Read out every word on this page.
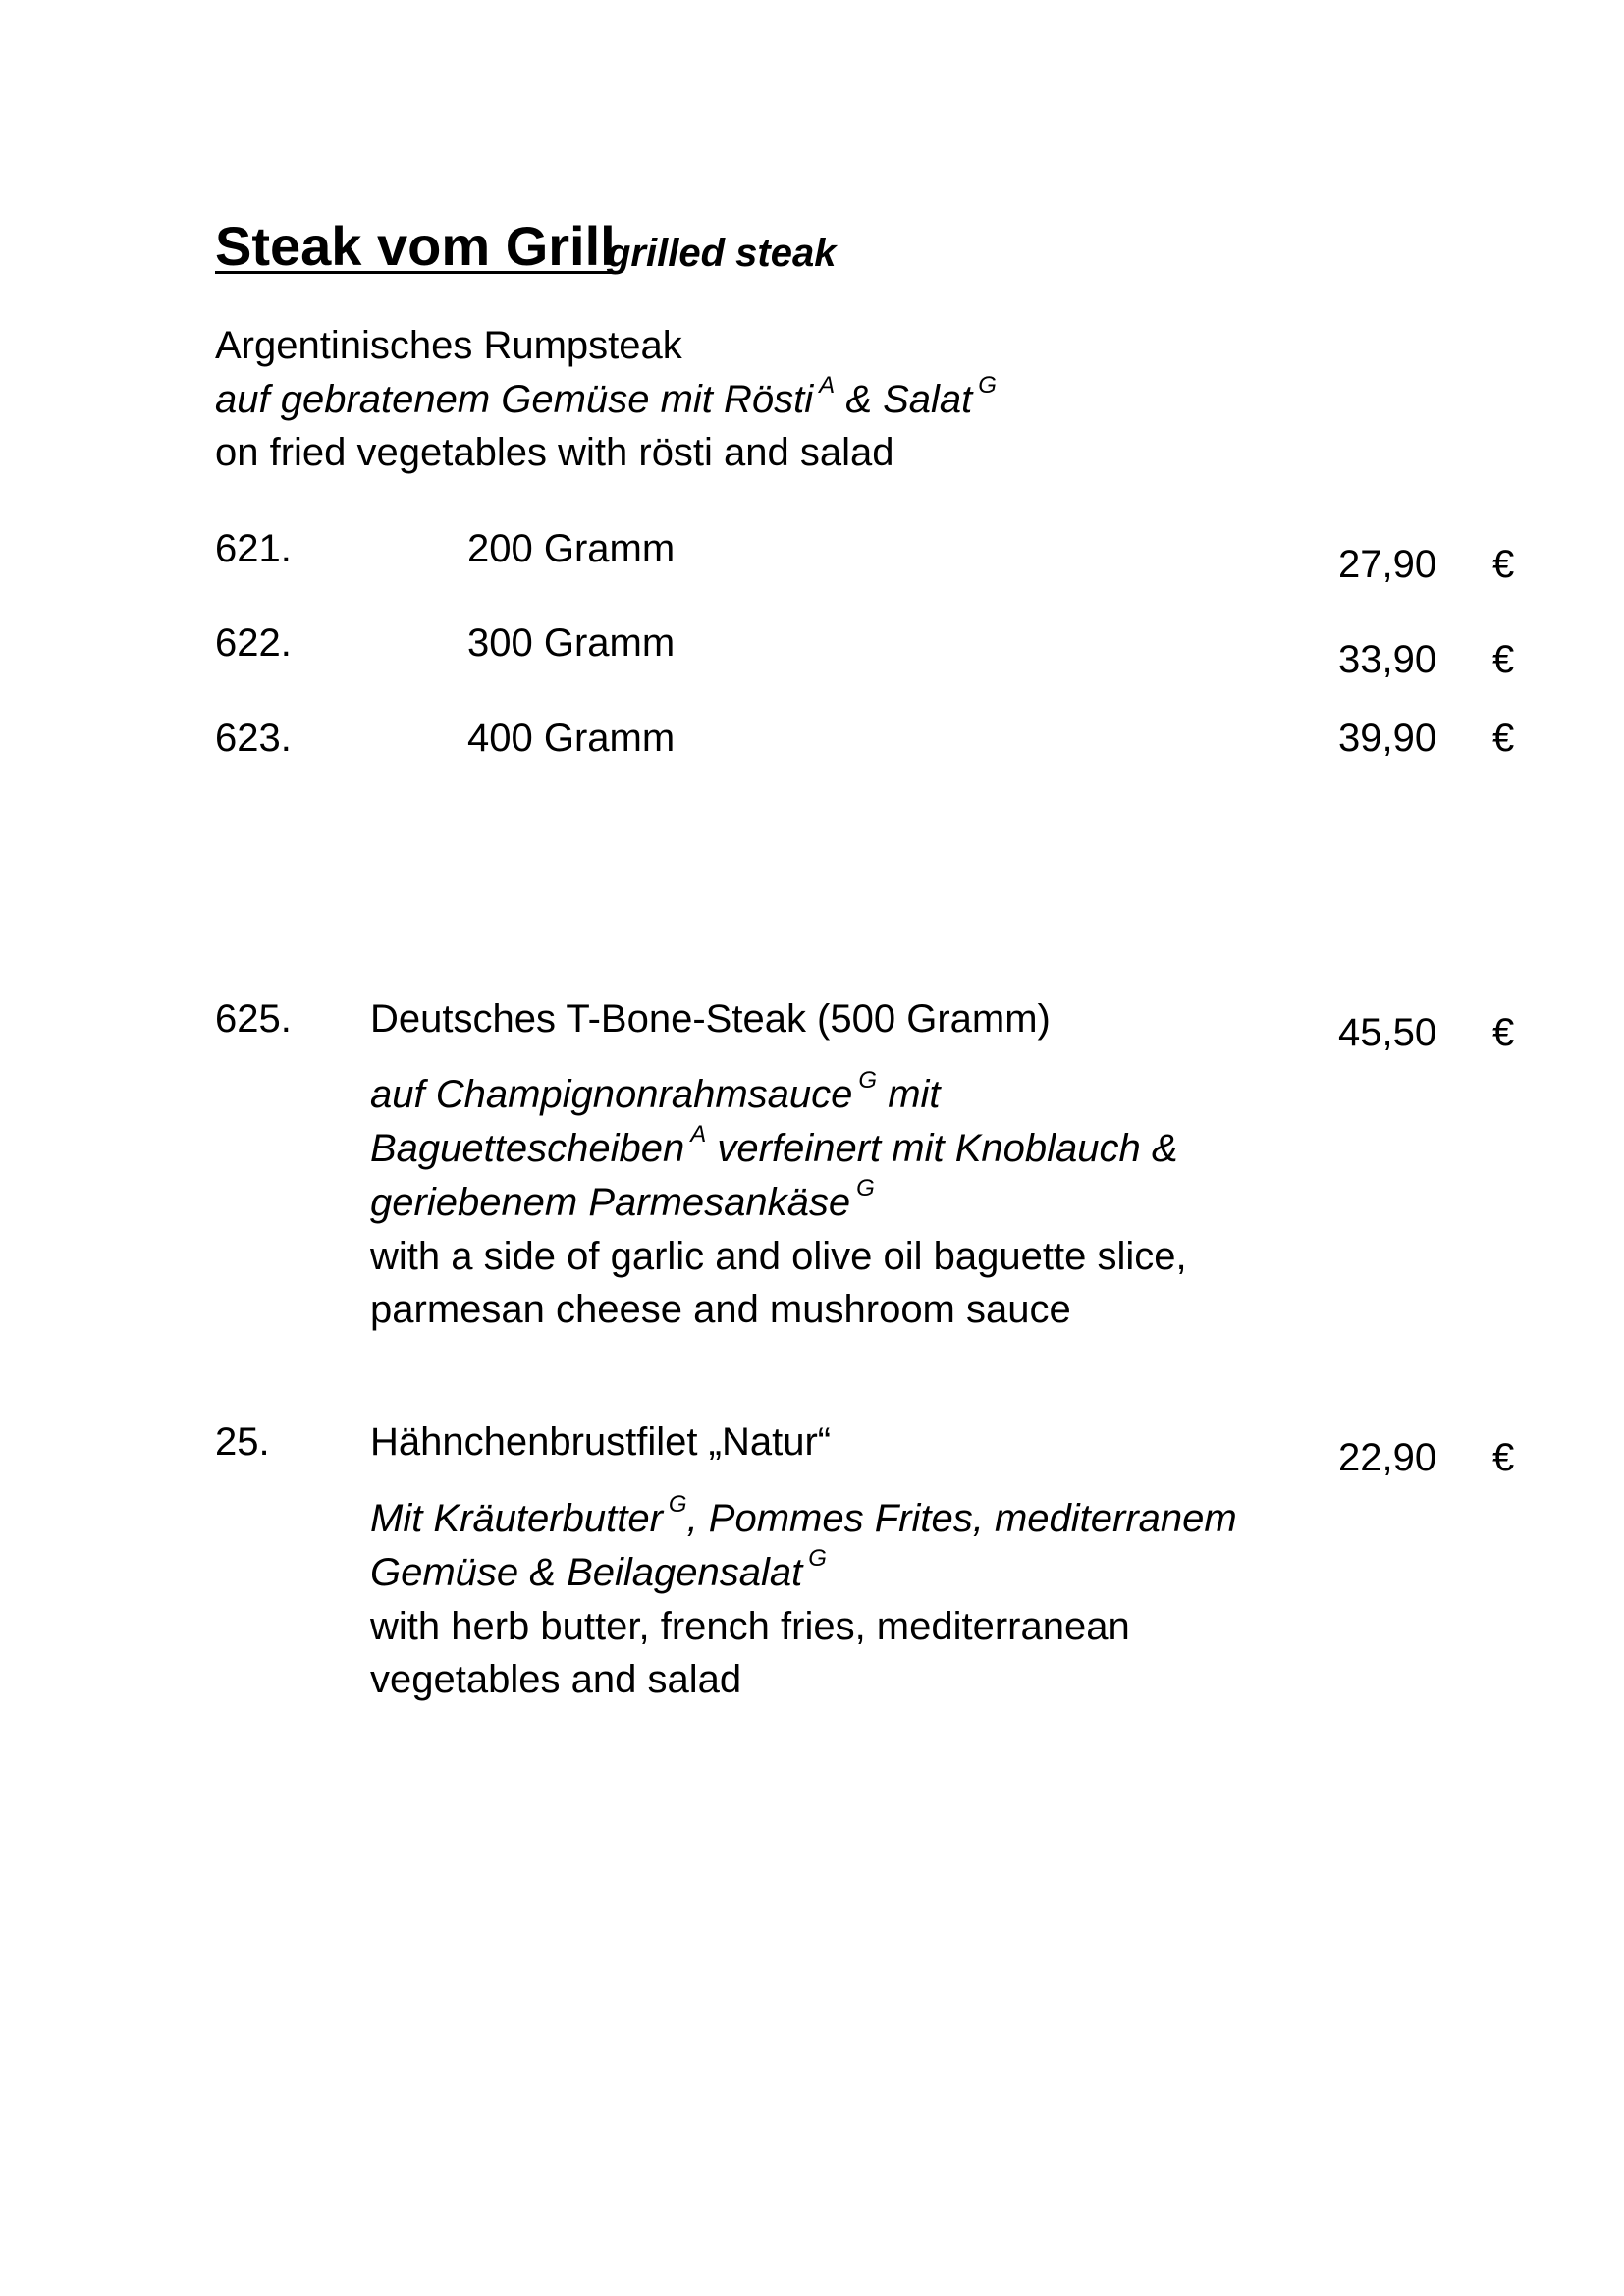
Steak vom Grill
grilled steak
Argentinisches Rumpsteak
auf gebratenem Gemüse mit Rösti $^A$ & Salat $^G$
on fried vegetables with rösti and salad
621.	200 Gramm	27,90 €
622.	300 Gramm	33,90 €
623.	400 Gramm	39,90 €
625. Deutsches T-Bone-Steak (500 Gramm)	45,50 €
auf Champignonrahmsauce $^G$ mit
Baguettescheiben $^A$ verfeinert mit Knoblauch &
geriebenem Parmesankäse $^G$
with a side of garlic and olive oil baguette slice,
parmesan cheese and mushroom sauce
25.	Hähnchenbrustfilet „Natur“	22,90 €
Mit Kräuterbutter $^G$, Pommes Frites, mediterranem
Gemüse & Beilagensalat $^G$
with herb butter, french fries, mediterranean
vegetables and salad
